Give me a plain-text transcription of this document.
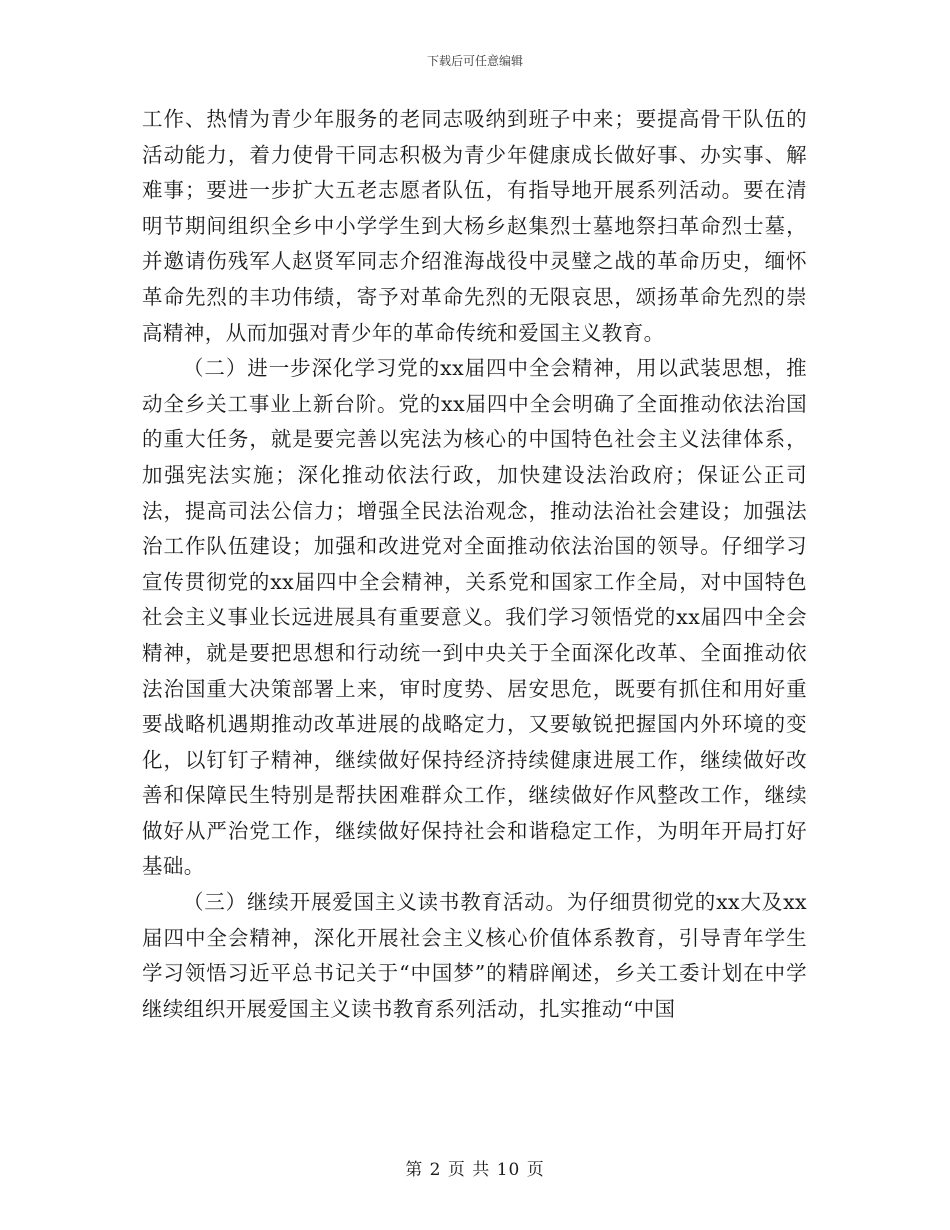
下载后可任意编辑

工作、热情为青少年服务的老同志吸纳到班子中来；要提高骨干队伍的活动能力，着力使骨干同志积极为青少年健康成长做好事、办实事、解难事；要进一步扩大五老志愿者队伍，有指导地开展系列活动。要在清明节期间组织全乡中小学学生到大杨乡赵集烈士墓地祭扫革命烈士墓，并邀请伤残军人赵贤军同志介绍淮海战役中灵璧之战的革命历史，缅怀革命先烈的丰功伟绩，寄予对革命先烈的无限哀思，颂扬革命先烈的崇高精神，从而加强对青少年的革命传统和爱国主义教育。

（二）进一步深化学习党的xx届四中全会精神，用以武装思想，推动全乡关工事业上新台阶。党的xx届四中全会明确了全面推动依法治国的重大任务，就是要完善以宪法为核心的中国特色社会主义法律体系，加强宪法实施；深化推动依法行政，加快建设法治政府；保证公正司法，提高司法公信力；增强全民法治观念，推动法治社会建设；加强法治工作队伍建设；加强和改进党对全面推动依法治国的领导。仔细学习宣传贯彻党的xx届四中全会精神，关系党和国家工作全局，对中国特色社会主义事业长远进展具有重要意义。我们学习领悟党的xx届四中全会精神，就是要把思想和行动统一到中央关于全面深化改革、全面推动依法治国重大决策部署上来，审时度势、居安思危，既要有抓住和用好重要战略机遇期推动改革进展的战略定力，又要敏锐把握国内外环境的变化，以钉钉子精神，继续做好保持经济持续健康进展工作，继续做好改善和保障民生特别是帮扶困难群众工作，继续做好作风整改工作，继续做好从严治党工作，继续做好保持社会和谐稳定工作，为明年开局打好基础。

（三）继续开展爱国主义读书教育活动。为仔细贯彻党的xx大及xx届四中全会精神，深化开展社会主义核心价值体系教育，引导青年学生学习领悟习近平总书记关于“中国梦”的精辟阐述，乡关工委计划在中学继续组织开展爱国主义读书教育系列活动，扎实推动“中国

第 2 页 共 10 页
